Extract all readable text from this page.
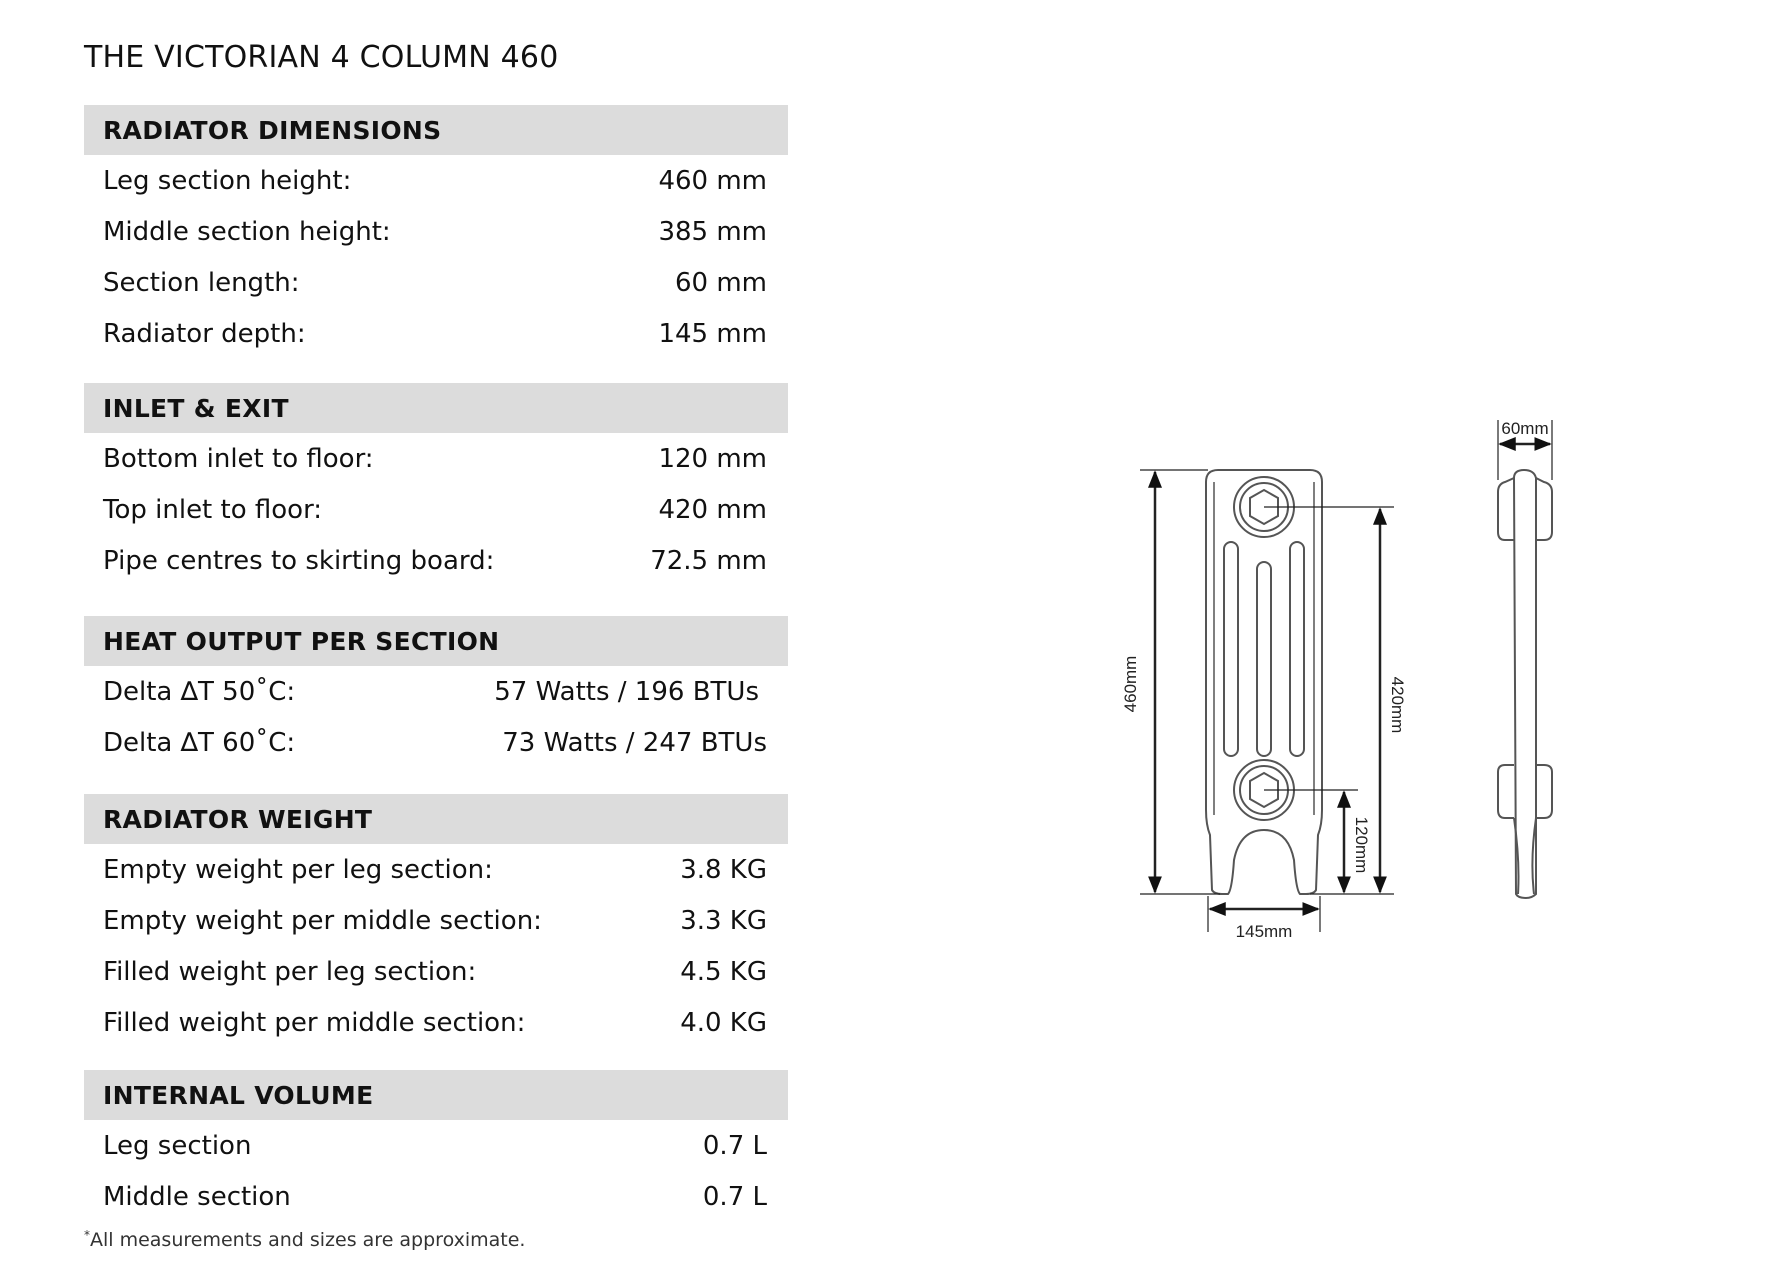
THE VICTORIAN 4 COLUMN 460
RADIATOR DIMENSIONS
Leg section height:	460 mm
Middle section height:	385 mm
Section length:	60 mm
Radiator depth:	145 mm
INLET & EXIT
Bottom inlet to floor:	120 mm
Top inlet to floor:	420 mm
Pipe centres to skirting board:	72.5 mm
HEAT OUTPUT PER SECTION
Delta ∆T 50˚C:	57 Watts / 196 BTUs
Delta ∆T 60˚C:	73 Watts / 247 BTUs
RADIATOR WEIGHT
Empty weight per leg section:	3.8 KG
Empty weight per middle section:	3.3 KG
Filled weight per leg section:	4.5 KG
Filled weight per middle section:	4.0 KG
INTERNAL VOLUME
Leg section	0.7 L
Middle section	0.7 L
*All measurements and sizes are approximate.
460mm	420mm
120mm
145mm
60mm
